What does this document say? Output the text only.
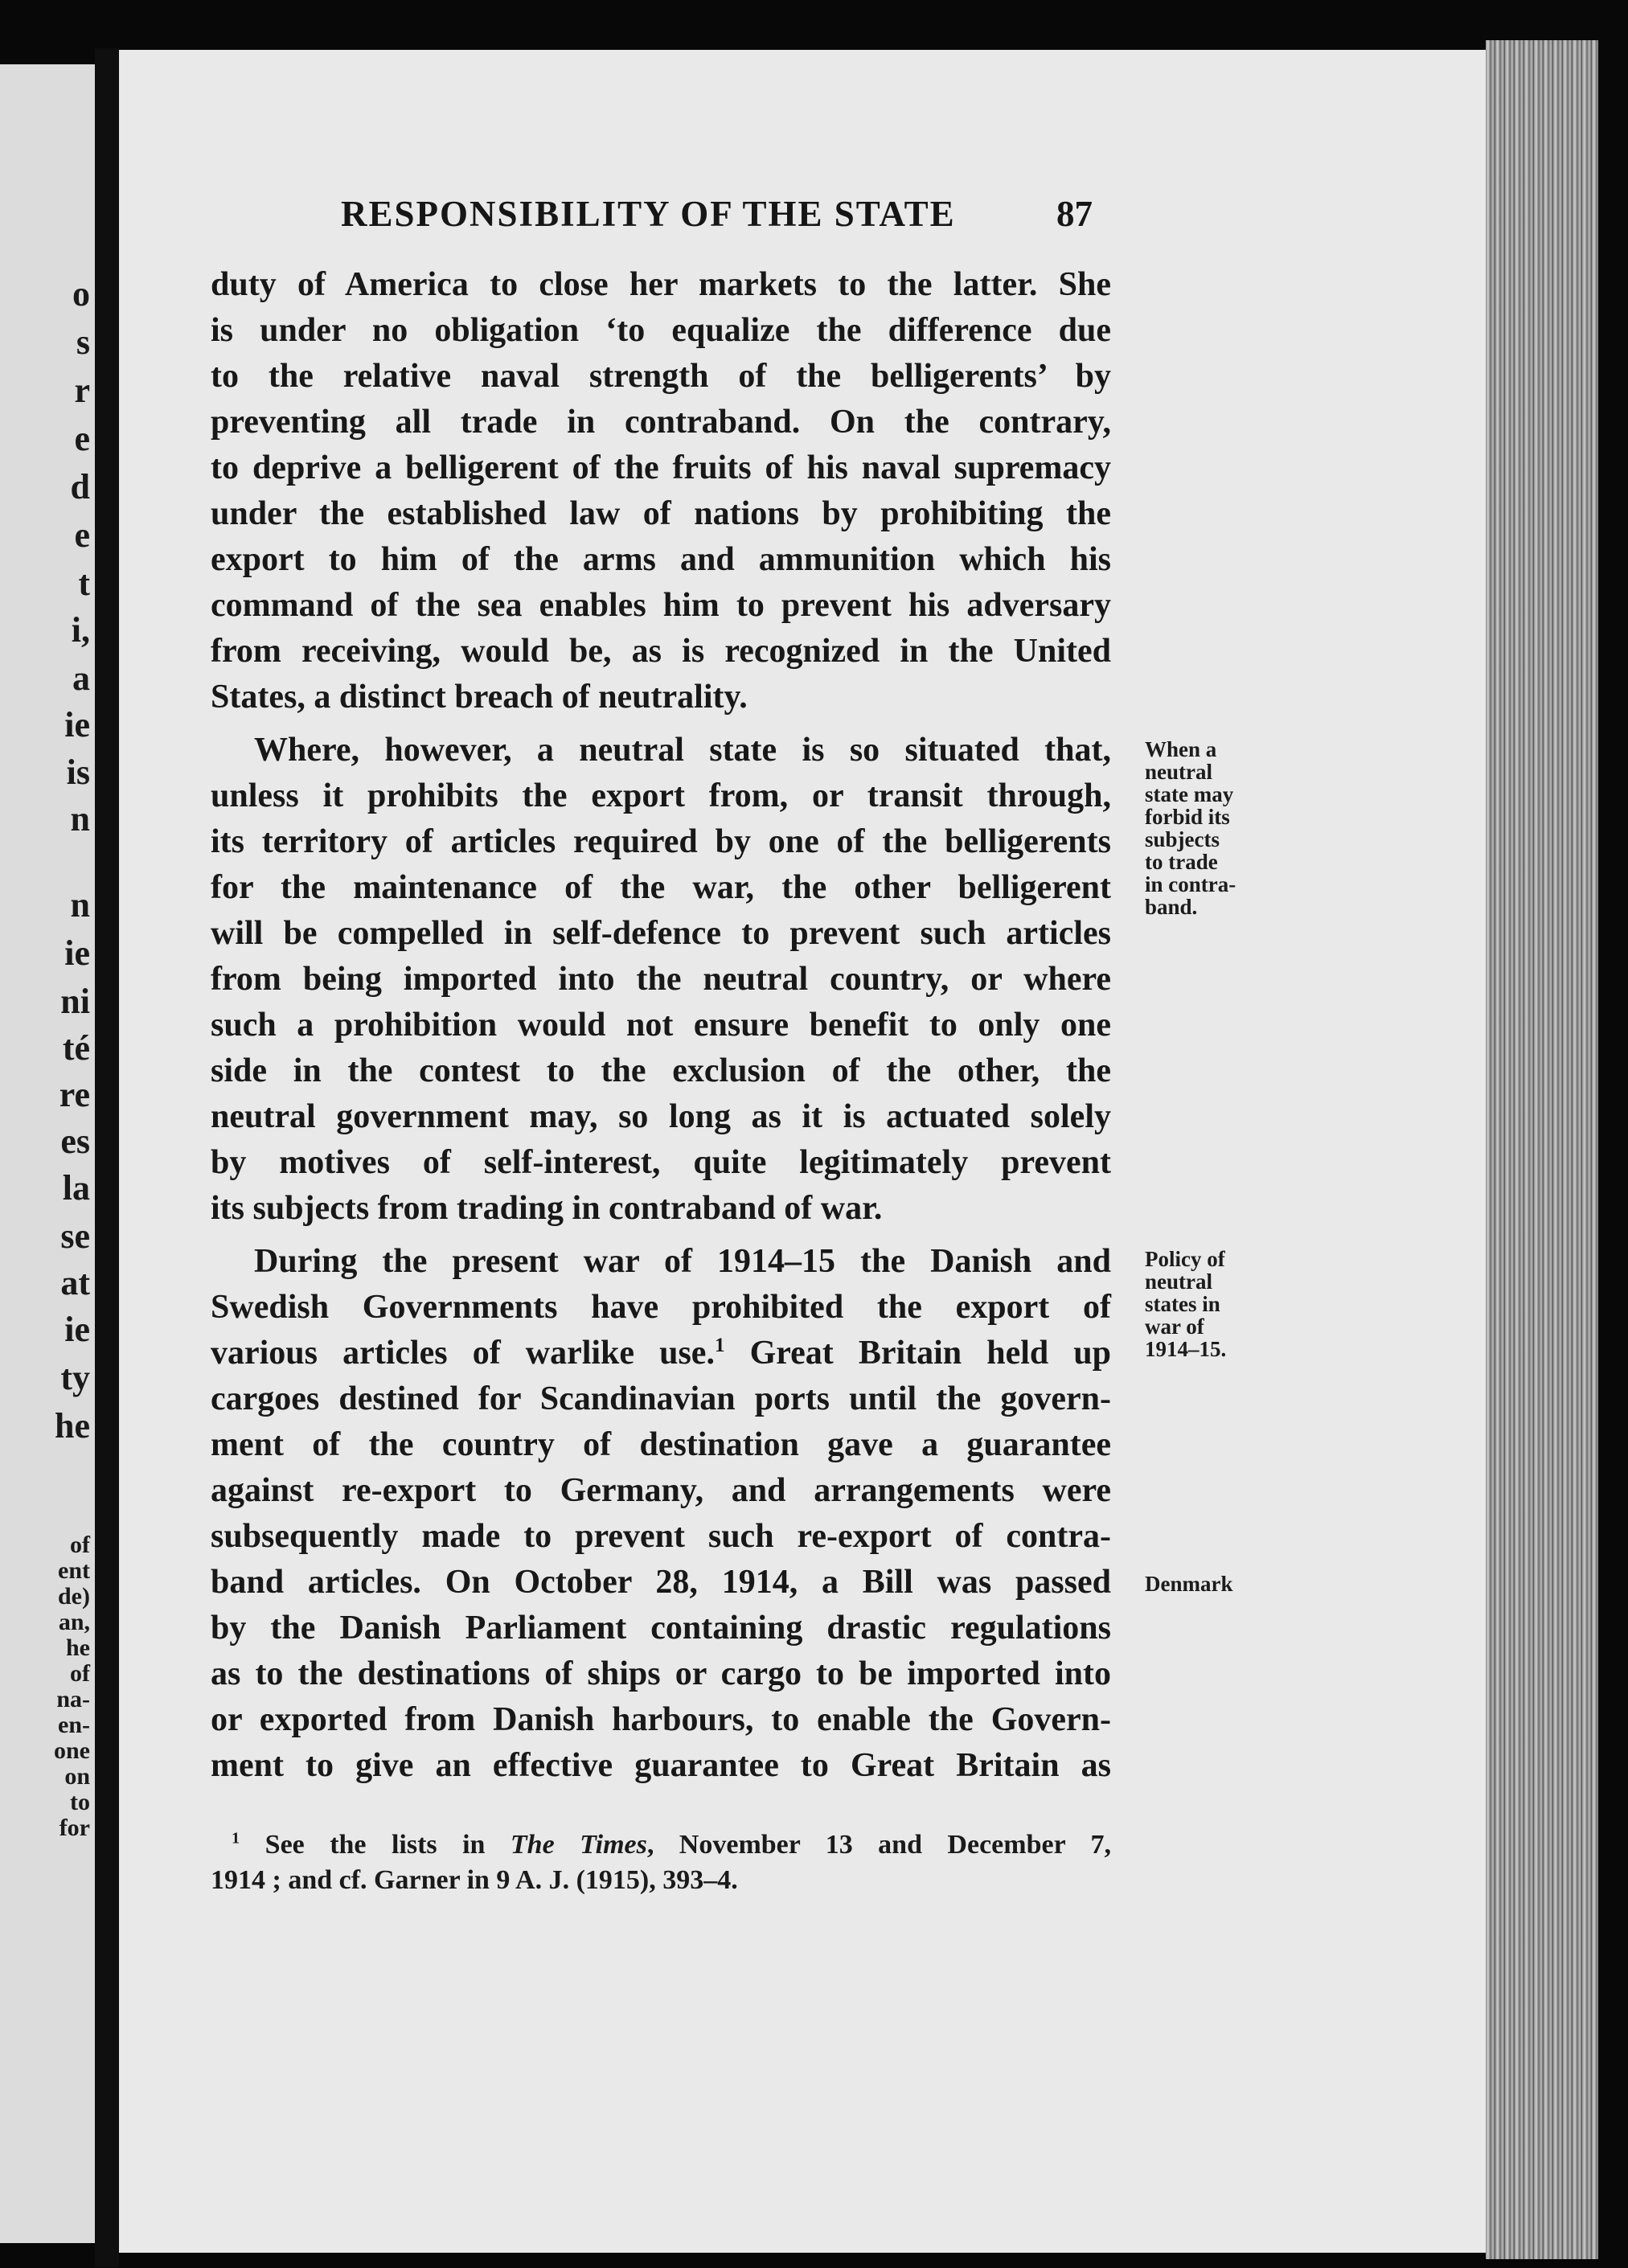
o
s
r
e
d
e
t
i,
a
ie
is
n
n
ie
ni
té
re
es
la
se
at
ie
ty
he
of
ent
de)
an,
he
of
na-
en-
one
on
to
for
RESPONSIBILITY OF THE STATE	87
duty of America to close her markets to the latter. She
is under no obligation ‘to equalize the difference due
to the relative naval strength of the belligerents’ by
preventing all trade in contraband. On the contrary,
to deprive a belligerent of the fruits of his naval supremacy
under the established law of nations by prohibiting the
export to him of the arms and ammunition which his
command of the sea enables him to prevent his adversary
from receiving, would be, as is recognized in the United
States, a distinct breach of neutrality.
Where, however, a neutral state is so situated that,
unless it prohibits the export from, or transit through,
its territory of articles required by one of the belligerents
for the maintenance of the war, the other belligerent
will be compelled in self-defence to prevent such articles
from being imported into the neutral country, or where
such a prohibition would not ensure benefit to only one
side in the contest to the exclusion of the other, the
neutral government may, so long as it is actuated solely
by motives of self-interest, quite legitimately prevent
its subjects from trading in contraband of war.
During the present war of 1914–15 the Danish and
Swedish Governments have prohibited the export of
various articles of warlike use.$^1$ Great Britain held up
cargoes destined for Scandinavian ports until the govern-
ment of the country of destination gave a guarantee
against re-export to Germany, and arrangements were
subsequently made to prevent such re-export of contra-
band articles. On October 28, 1914, a Bill was passed
by the Danish Parliament containing drastic regulations
as to the destinations of ships or cargo to be imported into
or exported from Danish harbours, to enable the Govern-
ment to give an effective guarantee to Great Britain as
When a
neutral
state may
forbid its
subjects
to trade
in contra-
band.
Policy of
neutral
states in
war of
1914–15.
Denmark
$^1$ See the lists in The Times, November 13 and December 7,
1914 ; and cf. Garner in 9 A. J. (1915), 393–4.
